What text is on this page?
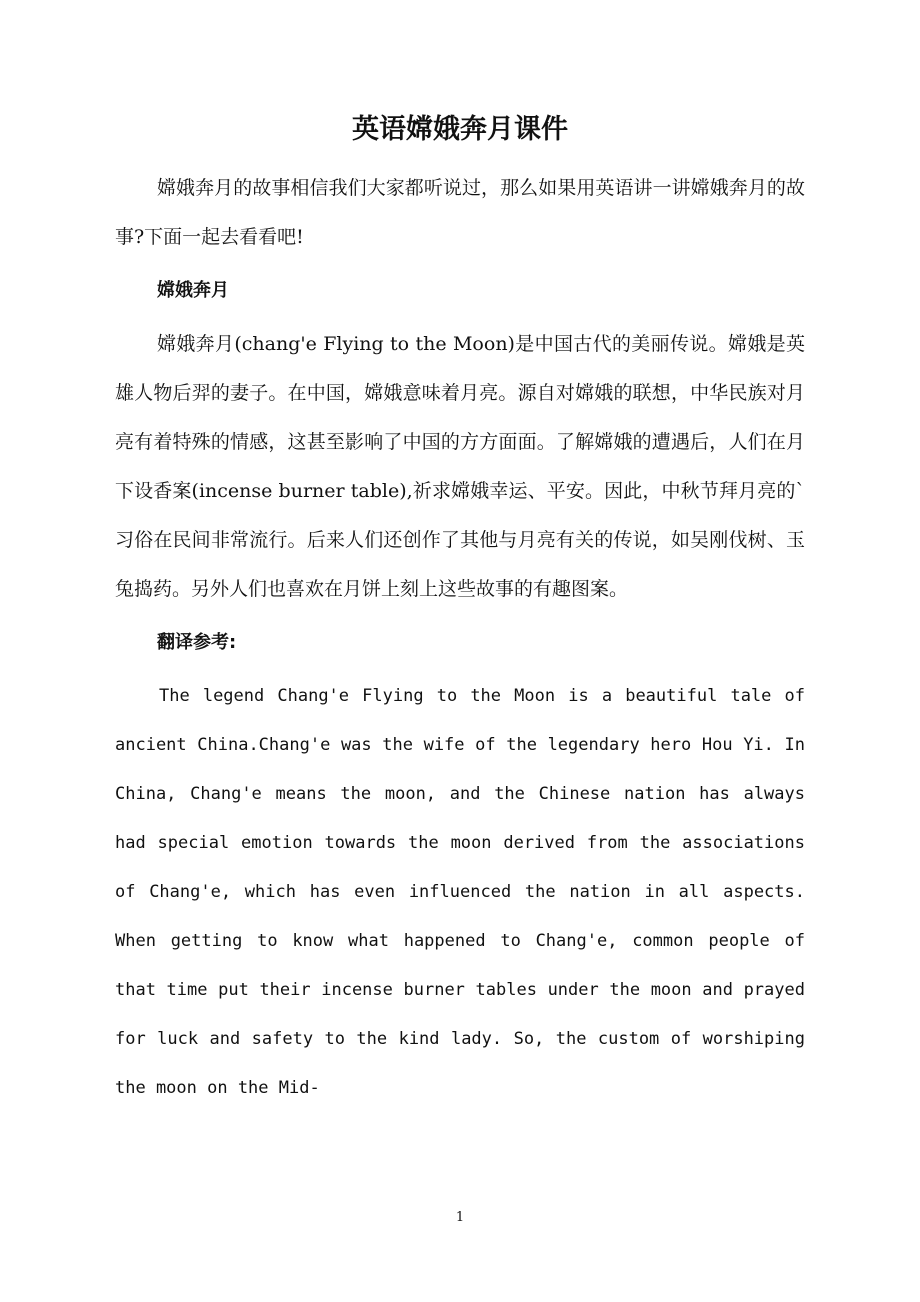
英语嫦娥奔月课件

嫦娥奔月的故事相信我们大家都听说过，那么如果用英语讲一讲嫦娥奔月的故事?下面一起去看看吧!

嫦娥奔月

嫦娥奔月(chang'e Flying to the Moon)是中国古代的美丽传说。嫦娥是英雄人物后羿的妻子。在中国，嫦娥意味着月亮。源自对嫦娥的联想，中华民族对月亮有着特殊的情感，这甚至影响了中国的方方面面。了解嫦娥的遭遇后，人们在月下设香案(incense burner table),祈求嫦娥幸运、平安。因此，中秋节拜月亮的`习俗在民间非常流行。后来人们还创作了其他与月亮有关的传说，如吴刚伐树、玉兔捣药。另外人们也喜欢在月饼上刻上这些故事的有趣图案。

翻译参考:

The legend Chang'e Flying to the Moon is a beautiful tale of ancient China.Chang'e was the wife of the legendary hero Hou Yi. In China, Chang'e means the moon, and the Chinese nation has always had special emotion towards the moon derived from the associations of Chang'e, which has even influenced the nation in all aspects. When getting to know what happened to Chang'e, common people of that time put their incense burner tables under the moon and prayed for luck and safety to the kind lady. So, the custom of worshiping the moon on the Mid-

1
